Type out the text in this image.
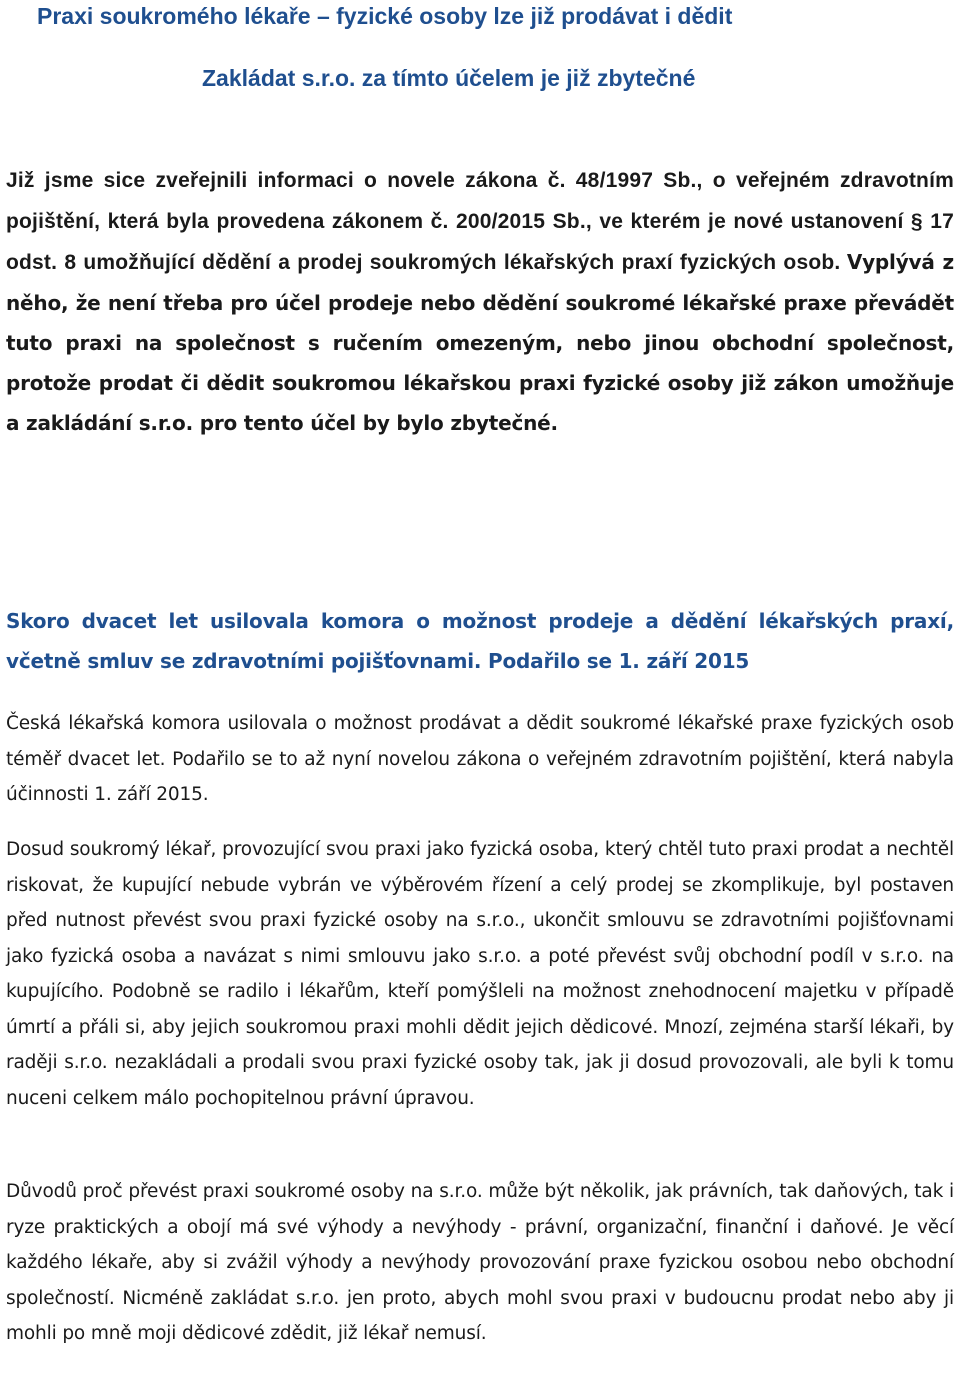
Praxi soukromého lékaře – fyzické osoby lze již prodávat i dědit
Zakládat s.r.o. za tímto účelem je již zbytečné

Již jsme sice zveřejnili informaci o novele zákona č. 48/1997 Sb., o veřejném zdravotním pojištění, která byla provedena zákonem č. 200/2015 Sb., ve kterém je nové ustanovení § 17 odst. 8 umožňující dědění a prodej soukromých lékařských praxí fyzických osob. Vyplývá z něho, že není třeba pro účel prodeje nebo dědění soukromé lékařské praxe převádět tuto praxi na společnost s ručením omezeným, nebo jinou obchodní společnost, protože prodat či dědit soukromou lékařskou praxi fyzické osoby již zákon umožňuje a zakládání s.r.o. pro tento účel by bylo zbytečné.

Skoro dvacet let usilovala komora o možnost prodeje a dědění lékařských praxí, včetně smluv se zdravotními pojišťovnami. Podařilo se 1. září 2015

Česká lékařská komora usilovala o možnost prodávat a dědit soukromé lékařské praxe fyzických osob téměř dvacet let. Podařilo se to až nyní novelou zákona o veřejném zdravotním pojištění, která nabyla účinnosti 1. září 2015.

Dosud soukromý lékař, provozující svou praxi jako fyzická osoba, který chtěl tuto praxi prodat a nechtěl riskovat, že kupující nebude vybrán ve výběrovém řízení a celý prodej se zkomplikuje, byl postaven před nutnost převést svou praxi fyzické osoby na s.r.o., ukončit smlouvu se zdravotními pojišťovnami jako fyzická osoba a navázat s nimi smlouvu jako s.r.o. a poté převést svůj obchodní podíl v s.r.o. na kupujícího. Podobně se radilo i lékařům, kteří pomýšleli na možnost znehodnocení majetku v případě úmrtí a přáli si, aby jejich soukromou praxi mohli dědit jejich dědicové. Mnozí, zejména starší lékaři, by raději s.r.o. nezakládali a prodali svou praxi fyzické osoby tak, jak ji dosud provozovali, ale byli k tomu nuceni celkem málo pochopitelnou právní úpravou.

Důvodů proč převést praxi soukromé osoby na s.r.o. může být několik, jak právních, tak daňových, tak i ryze praktických a obojí má své výhody a nevýhody - právní, organizační, finanční i daňové. Je věcí každého lékaře, aby si zvážil výhody a nevýhody provozování praxe fyzickou osobou nebo obchodní společností. Nicméně zakládat s.r.o. jen proto, abych mohl svou praxi v budoucnu prodat nebo aby ji mohli po mně moji dědicové zdědit, již lékař nemusí.
